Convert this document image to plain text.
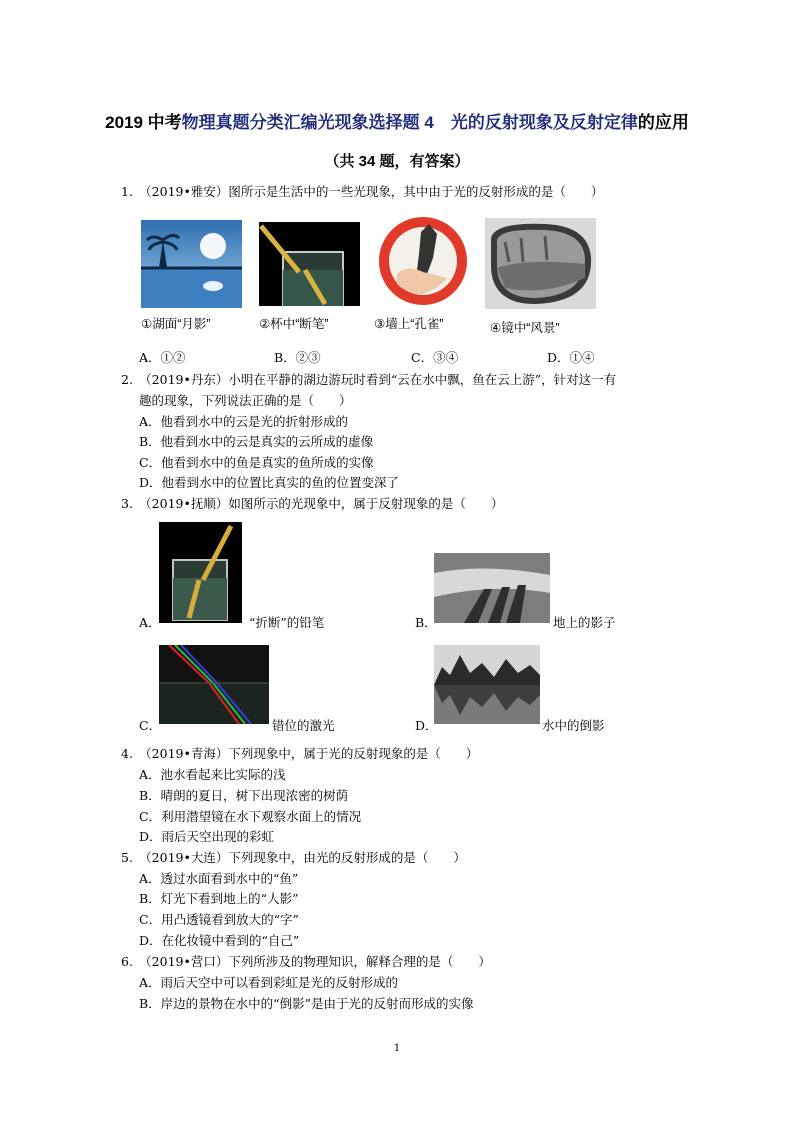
2019 中考物理真题分类汇编光现象选择题 4　光的反射现象及反射定律的应用
（共 34 题，有答案）
1.　（2019•雅安）图所示是生活中的一些光现象，其中由于光的反射形成的是（　　）
①湖面“月影”	②杯中“断笔”	③墙上“孔雀”	④镜中“风景”
A．①②	B．②③	C．③④	D．①④
2.　（2019•丹东）小明在平静的湖边游玩时看到“云在水中飘，鱼在云上游”，针对这一有
趣的现象，下列说法正确的是（　　）
A．他看到水中的云是光的折射形成的
B．他看到水中的云是真实的云所成的虚像
C．他看到水中的鱼是真实的鱼所成的实像
D．他看到水中的位置比真实的鱼的位置变深了
3.　（2019•抚顺）如图所示的光现象中，属于反射现象的是（　　）
A．	“折断”的铅笔	B．	地上的影子
C．	错位的激光	D．	水中的倒影
4.　（2019•青海）下列现象中，属于光的反射现象的是（　　）
A．池水看起来比实际的浅
B．晴朗的夏日，树下出现浓密的树荫
C．利用潜望镜在水下观察水面上的情况
D．雨后天空出现的彩虹
5.　（2019•大连）下列现象中，由光的反射形成的是（　　）
A．透过水面看到水中的“鱼”
B．灯光下看到地上的“人影”
C．用凸透镜看到放大的“字”
D．在化妆镜中看到的“自己”
6.　（2019•营口）下列所涉及的物理知识，解释合理的是（　　）
A．雨后天空中可以看到彩虹是光的反射形成的
B．岸边的景物在水中的“倒影”是由于光的反射而形成的实像
1
